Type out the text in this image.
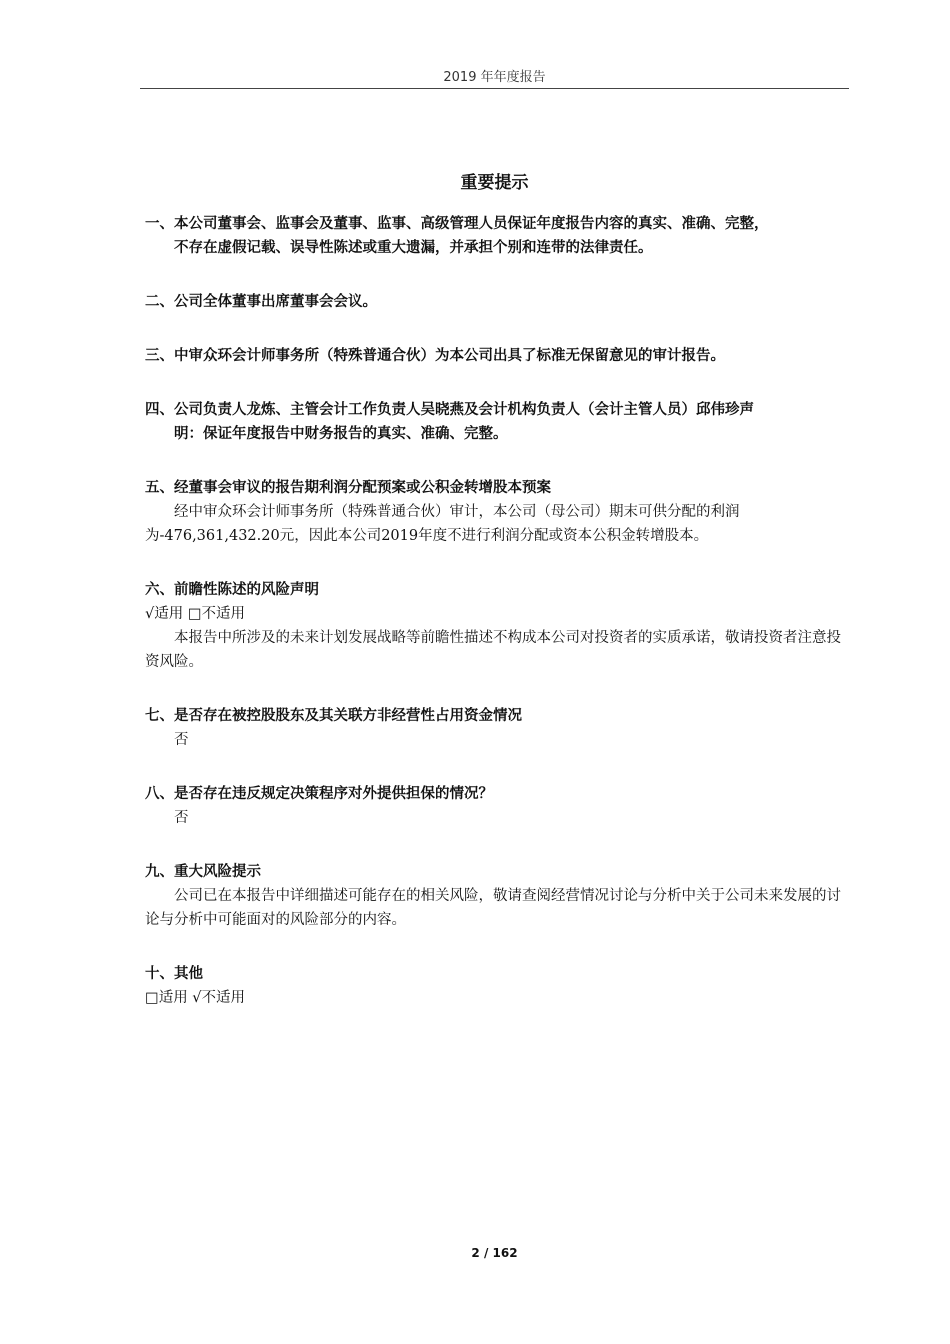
2019 年年度报告
重要提示
一、本公司董事会、监事会及董事、监事、高级管理人员保证年度报告内容的真实、准确、完整，
不存在虚假记载、误导性陈述或重大遗漏，并承担个别和连带的法律责任。
二、公司全体董事出席董事会会议。
三、中审众环会计师事务所（特殊普通合伙）为本公司出具了标准无保留意见的审计报告。
四、公司负责人龙炼、主管会计工作负责人吴晓燕及会计机构负责人（会计主管人员）邱伟珍声
明：保证年度报告中财务报告的真实、准确、完整。
五、经董事会审议的报告期利润分配预案或公积金转增股本预案
经中审众环会计师事务所（特殊普通合伙）审计，本公司（母公司）期末可供分配的利润为-476,361,432.20元，因此本公司2019年度不进行利润分配或资本公积金转增股本。
六、前瞻性陈述的风险声明
√适用 □不适用
本报告中所涉及的未来计划发展战略等前瞻性描述不构成本公司对投资者的实质承诺，敬请投资者注意投资风险。
七、是否存在被控股股东及其关联方非经营性占用资金情况
否
八、是否存在违反规定决策程序对外提供担保的情况？
否
九、重大风险提示
公司已在本报告中详细描述可能存在的相关风险，敬请查阅经营情况讨论与分析中关于公司未来发展的讨论与分析中可能面对的风险部分的内容。
十、其他
□适用 √不适用
2 / 162
